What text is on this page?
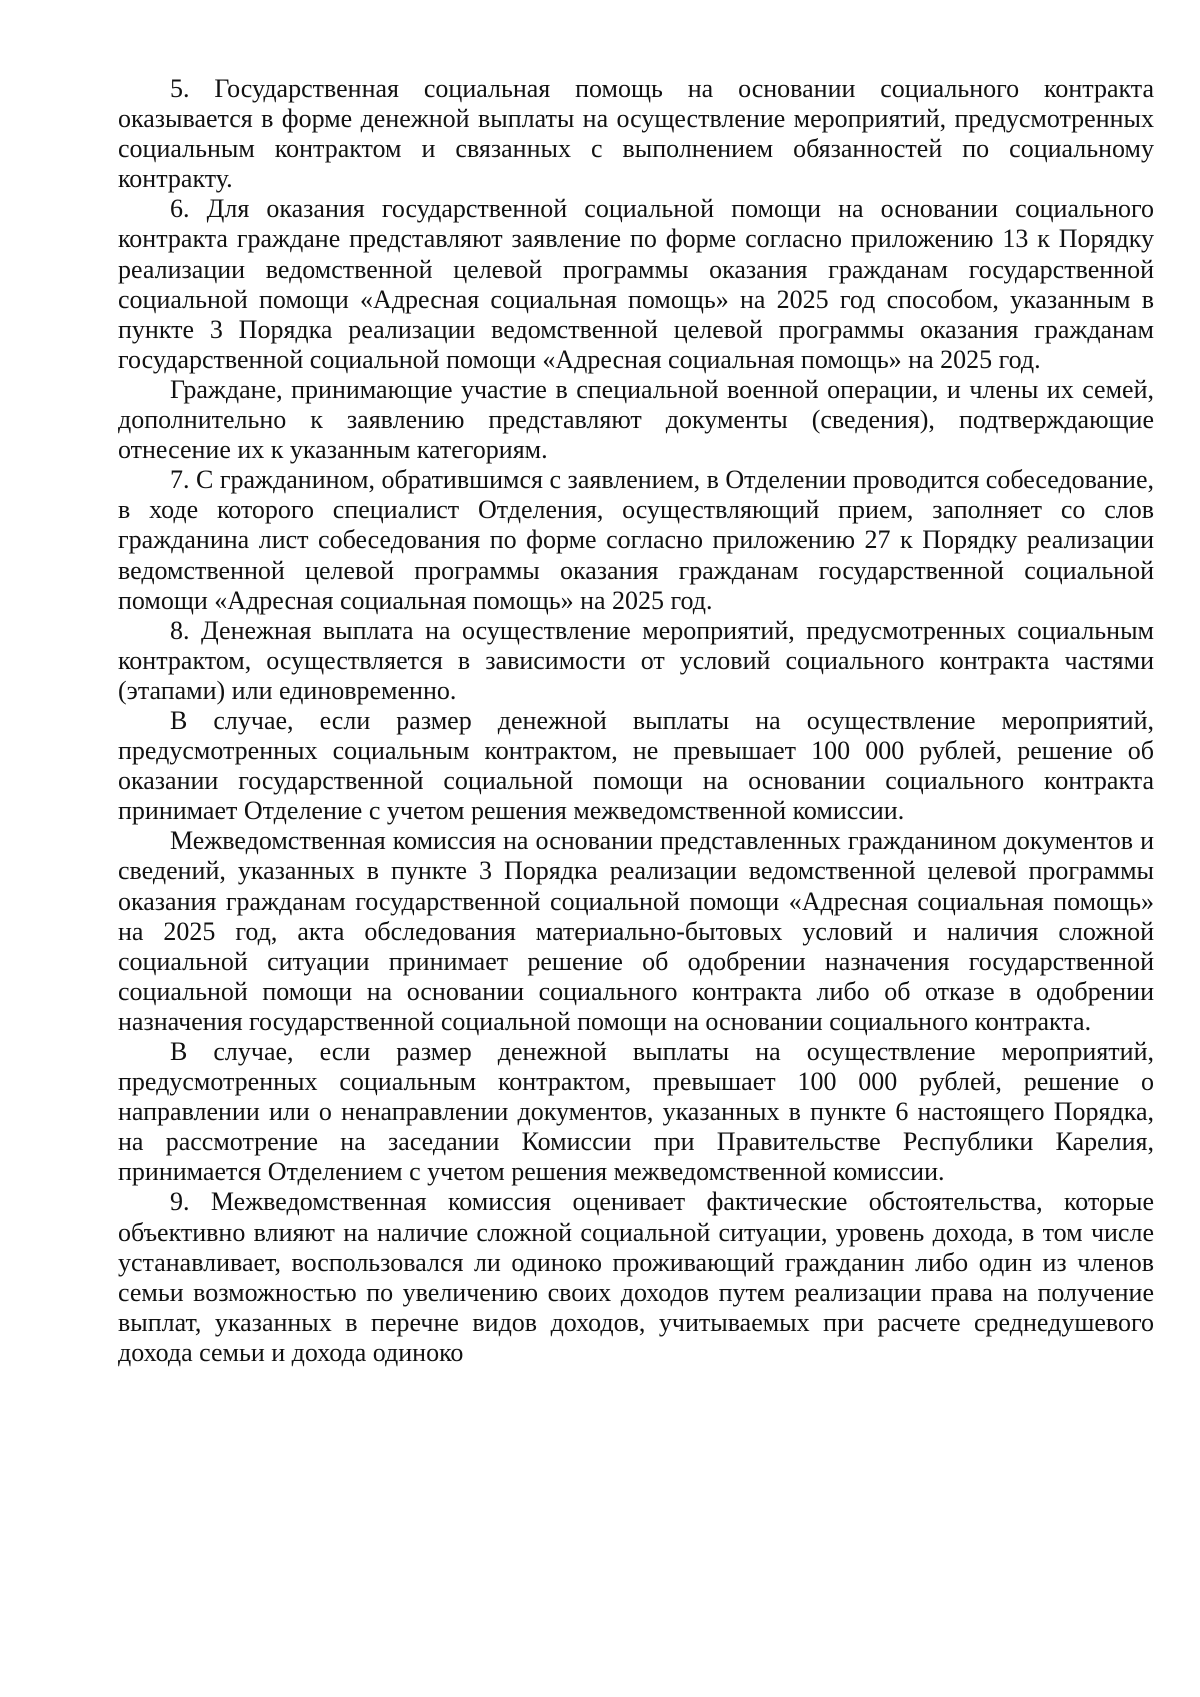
5. Государственная социальная помощь на основании социального контракта оказывается в форме денежной выплаты на осуществление мероприятий, предусмотренных социальным контрактом и связанных с выполнением обязанностей по социальному контракту.

6. Для оказания государственной социальной помощи на основании социального контракта граждане представляют заявление по форме согласно приложению 13 к Порядку реализации ведомственной целевой программы оказания гражданам государственной социальной помощи «Адресная социальная помощь» на 2025 год способом, указанным в пункте 3 Порядка реализации ведомственной целевой программы оказания гражданам государственной социальной помощи «Адресная социальная помощь» на 2025 год.

Граждане, принимающие участие в специальной военной операции, и члены их семей, дополнительно к заявлению представляют документы (сведения), подтверждающие отнесение их к указанным категориям.

7. С гражданином, обратившимся с заявлением, в Отделении проводится собеседование, в ходе которого специалист Отделения, осуществляющий прием, заполняет со слов гражданина лист собеседования по форме согласно приложению 27 к Порядку реализации ведомственной целевой программы оказания гражданам государственной социальной помощи «Адресная социальная помощь» на 2025 год.

8. Денежная выплата на осуществление мероприятий, предусмотренных социальным контрактом, осуществляется в зависимости от условий социального контракта частями (этапами) или единовременно.

В случае, если размер денежной выплаты на осуществление мероприятий, предусмотренных социальным контрактом, не превышает 100 000 рублей, решение об оказании государственной социальной помощи на основании социального контракта принимает Отделение с учетом решения межведомственной комиссии.

Межведомственная комиссия на основании представленных гражданином документов и сведений, указанных в пункте 3 Порядка реализации ведомственной целевой программы оказания гражданам государственной социальной помощи «Адресная социальная помощь» на 2025 год, акта обследования материально-бытовых условий и наличия сложной социальной ситуации принимает решение об одобрении назначения государственной социальной помощи на основании социального контракта либо об отказе в одобрении назначения государственной социальной помощи на основании социального контракта.

В случае, если размер денежной выплаты на осуществление мероприятий, предусмотренных социальным контрактом, превышает 100 000 рублей, решение о направлении или о ненаправлении документов, указанных в пункте 6 настоящего Порядка, на рассмотрение на заседании Комиссии при Правительстве Республики Карелия, принимается Отделением с учетом решения межведомственной комиссии.

9. Межведомственная комиссия оценивает фактические обстоятельства, которые объективно влияют на наличие сложной социальной ситуации, уровень дохода, в том числе устанавливает, воспользовался ли одиноко проживающий гражданин либо один из членов семьи возможностью по увеличению своих доходов путем реализации права на получение выплат, указанных в перечне видов доходов, учитываемых при расчете среднедушевого дохода семьи и дохода одиноко
